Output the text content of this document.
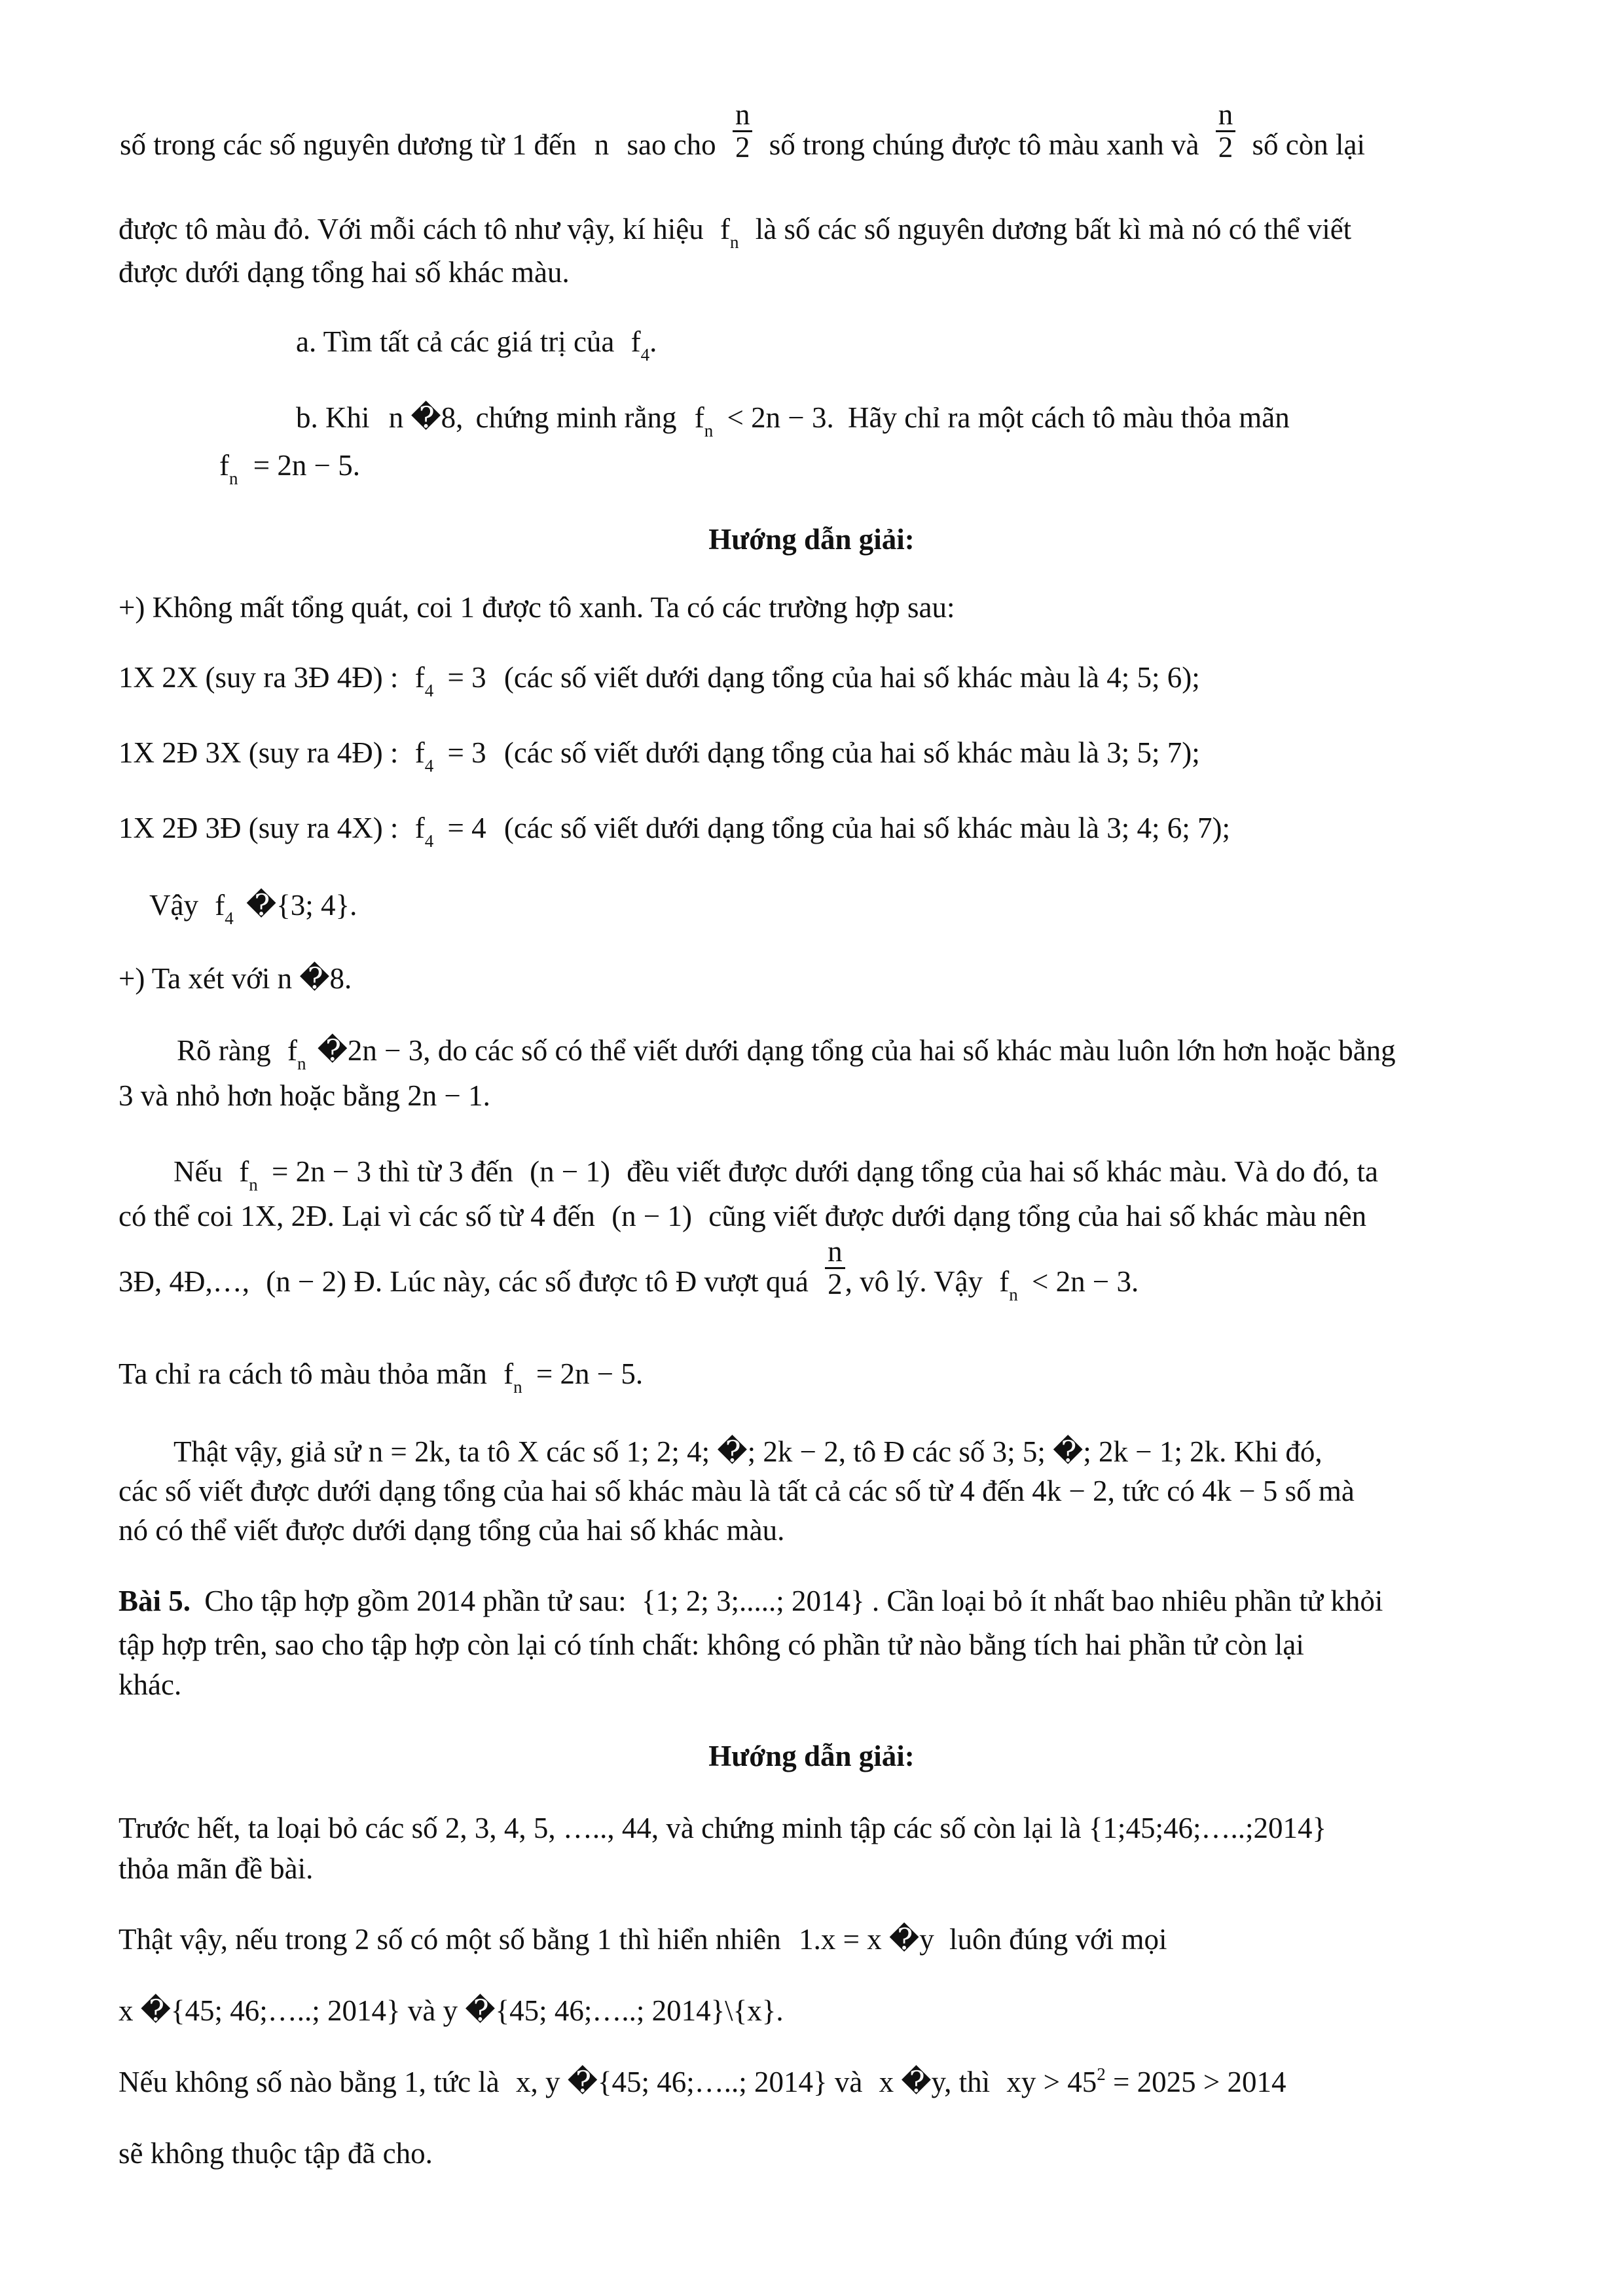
số trong các số nguyên dương từ 1 đến n sao cho $\frac{n}{2}$ số trong chúng được tô màu xanh và $\frac{n}{2}$ số còn lại
được tô màu đỏ. Với mỗi cách tô như vậy, kí hiệu $f_n$ là số các số nguyên dương bất kì mà nó có thể viết
được dưới dạng tổng hai số khác màu.
a. Tìm tất cả các giá trị của $f_4$.
b. Khi n �8, chứng minh rằng $f_n < 2n - 3$. Hãy chỉ ra một cách tô màu thỏa mãn
$f_n = 2n - 5$.
Hướng dẫn giải:
+) Không mất tổng quát, coi 1 được tô xanh. Ta có các trường hợp sau:
1X 2X (suy ra 3Đ 4Đ) : $f_4 = 3$ (các số viết dưới dạng tổng của hai số khác màu là 4; 5; 6);
1X 2Đ 3X (suy ra 4Đ) : $f_4 = 3$ (các số viết dưới dạng tổng của hai số khác màu là 3; 5; 7);
1X 2Đ 3Đ (suy ra 4X) : $f_4 = 4$ (các số viết dưới dạng tổng của hai số khác màu là 3; 4; 6; 7);
Vậy $f_4$ �{3; 4}.
+) Ta xét với n �8.
Rõ ràng $f_n$ �2n − 3, do các số có thể viết dưới dạng tổng của hai số khác màu luôn lớn hơn hoặc bằng
3 và nhỏ hơn hoặc bằng 2n − 1.
Nếu $f_n = 2n - 3$ thì từ 3 đến (n − 1) đều viết được dưới dạng tổng của hai số khác màu. Và do đó, ta
có thể coi 1X, 2Đ. Lại vì các số từ 4 đến (n − 1) cũng viết được dưới dạng tổng của hai số khác màu nên
3Đ, 4Đ,…, (n − 2) Đ. Lúc này, các số được tô Đ vượt quá $\frac{n}{2}$ , vô lý. Vậy $f_n < 2n - 3$.
Ta chỉ ra cách tô màu thỏa mãn $f_n = 2n - 5$.
Thật vậy, giả sử n = 2k, ta tô X các số 1; 2; 4; �; 2k − 2, tô Đ các số 3; 5; �; 2k − 1; 2k. Khi đó,
các số viết được dưới dạng tổng của hai số khác màu là tất cả các số từ 4 đến 4k − 2, tức có 4k − 5 số mà
nó có thể viết được dưới dạng tổng của hai số khác màu.
Bài 5. Cho tập hợp gồm 2014 phần tử sau: {1; 2; 3;.....; 2014} . Cần loại bỏ ít nhất bao nhiêu phần tử khỏi
tập hợp trên, sao cho tập hợp còn lại có tính chất: không có phần tử nào bằng tích hai phần tử còn lại
khác.
Hướng dẫn giải:
Trước hết, ta loại bỏ các số 2, 3, 4, 5, ….., 44, và chứng minh tập các số còn lại là {1;45;46;…..;2014}
thỏa mãn đề bài.
Thật vậy, nếu trong 2 số có một số bằng 1 thì hiển nhiên 1.x = x �y luôn đúng với mọi
x �{45; 46;…..; 2014} và y �{45; 46;…..; 2014}\{x}.
Nếu không số nào bằng 1, tức là x, y �{45; 46;…..; 2014} và x �y, thì xy > $45^2 = 2025 > 2014$
sẽ không thuộc tập đã cho.
